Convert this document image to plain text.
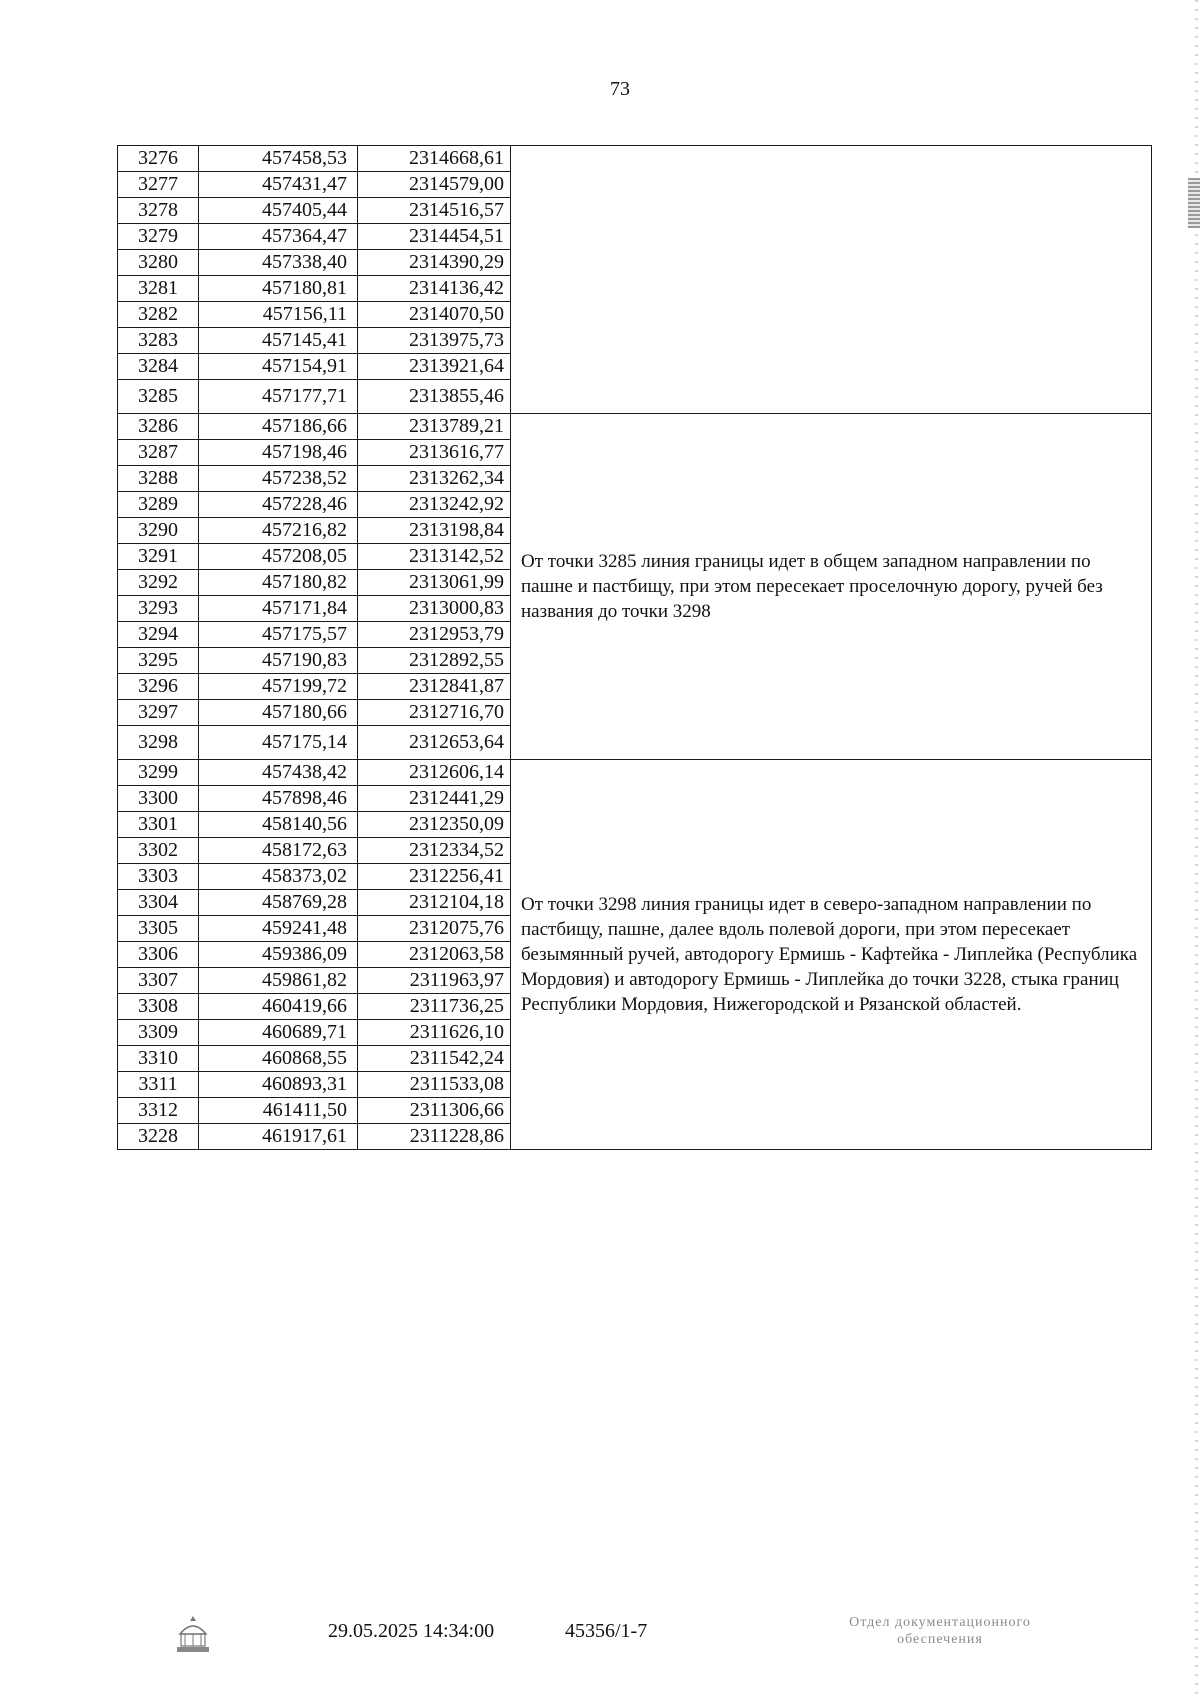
73
3276	457458,53	2314668,61	
3277	457431,47	2314579,00	
3278	457405,44	2314516,57	
3279	457364,47	2314454,51	
3280	457338,40	2314390,29	
3281	457180,81	2314136,42	
3282	457156,11	2314070,50	
3283	457145,41	2313975,73	
3284	457154,91	2313921,64	
3285	457177,71	2313855,46	
3286	457186,66	2313789,21	От точки 3285 линия границы идет в общем западном направлении по пашне и пастбищу, при этом пересекает проселочную дорогу, ручей без названия до точки 3298
3287	457198,46	2313616,77	
3288	457238,52	2313262,34	
3289	457228,46	2313242,92	
3290	457216,82	2313198,84	
3291	457208,05	2313142,52	
3292	457180,82	2313061,99	
3293	457171,84	2313000,83	
3294	457175,57	2312953,79	
3295	457190,83	2312892,55	
3296	457199,72	2312841,87	
3297	457180,66	2312716,70	
3298	457175,14	2312653,64	
3299	457438,42	2312606,14	От точки 3298 линия границы идет в северо-западном направлении по пастбищу, пашне, далее вдоль полевой дороги, при этом пересекает безымянный ручей, автодорогу Ермишь - Кафтейка - Липлейка (Республика Мордовия) и автодорогу Ермишь - Липлейка до точки 3228, стыка границ Республики Мордовия, Нижегородской и Рязанской областей.
3300	457898,46	2312441,29	
3301	458140,56	2312350,09	
3302	458172,63	2312334,52	
3303	458373,02	2312256,41	
3304	458769,28	2312104,18	
3305	459241,48	2312075,76	
3306	459386,09	2312063,58	
3307	459861,82	2311963,97	
3308	460419,66	2311736,25	
3309	460689,71	2311626,10	
3310	460868,55	2311542,24	
3311	460893,31	2311533,08	
3312	461411,50	2311306,66	
3228	461917,61	2311228,86	
29.05.2025 14:34:00	45356/1-7	Отдел документационного
обеспечения
